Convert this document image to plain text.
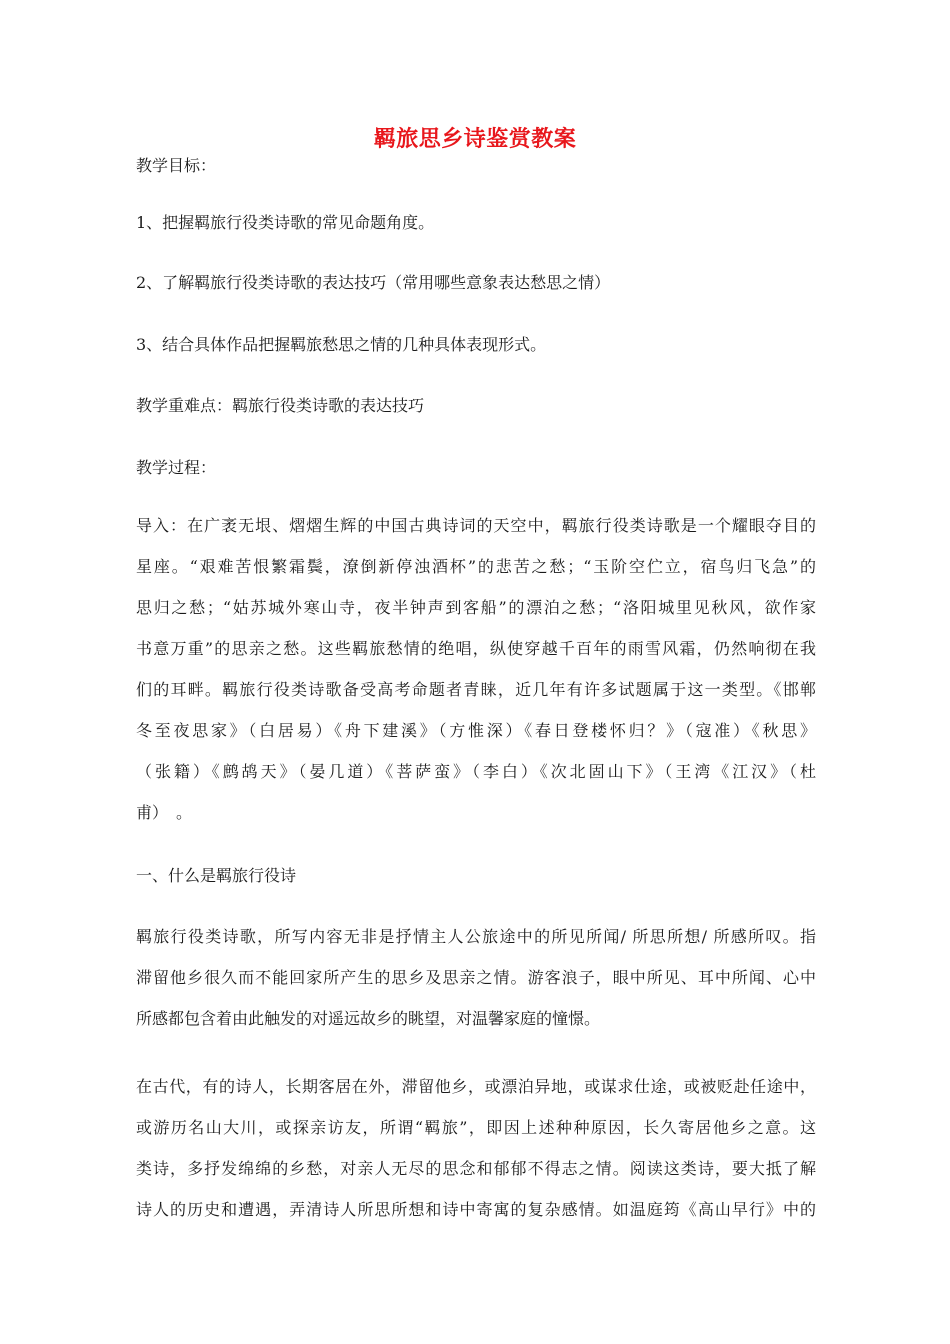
羁旅思乡诗鉴赏教案
教学目标：
1、把握羁旅行役类诗歌的常见命题角度。
2、了解羁旅行役类诗歌的表达技巧（常用哪些意象表达愁思之情）
3、结合具体作品把握羁旅愁思之情的几种具体表现形式。
教学重难点：羁旅行役类诗歌的表达技巧
教学过程：
导入：在广袤无垠、熠熠生辉的中国古典诗词的天空中，羁旅行役类诗歌是一个耀眼夺目的
星座。“艰难苦恨繁霜鬓，潦倒新停浊酒杯”的悲苦之愁；“玉阶空伫立，宿鸟归飞急”的
思归之愁；“姑苏城外寒山寺，夜半钟声到客船”的漂泊之愁；“洛阳城里见秋风，欲作家
书意万重”的思亲之愁。这些羁旅愁情的绝唱，纵使穿越千百年的雨雪风霜，仍然响彻在我
们的耳畔。羁旅行役类诗歌备受高考命题者青睐，近几年有许多试题属于这一类型。《邯郸
冬至夜思家》（白居易）《舟下建溪》（方惟深）《春日登楼怀归？》（寇准）《秋思》
（张籍）《鹧鸪天》（晏几道）《菩萨蛮》（李白）《次北固山下》（王湾《江汉》（杜
甫）　。
一、什么是羁旅行役诗
羁旅行役类诗歌，所写内容无非是抒情主人公旅途中的所见所闻/ 所思所想/ 所感所叹。指
滞留他乡很久而不能回家所产生的思乡及思亲之情。游客浪子，眼中所见、耳中所闻、心中
所感都包含着由此触发的对遥远故乡的眺望，对温馨家庭的憧憬。
在古代，有的诗人，长期客居在外，滞留他乡，或漂泊异地，或谋求仕途，或被贬赴任途中，
或游历名山大川，或探亲访友，所谓“羁旅”，即因上述种种原因，长久寄居他乡之意。这
类诗，多抒发绵绵的乡愁，对亲人无尽的思念和郁郁不得志之情。阅读这类诗，要大抵了解
诗人的历史和遭遇，弄清诗人所思所想和诗中寄寓的复杂感情。如温庭筠《高山早行》中的
